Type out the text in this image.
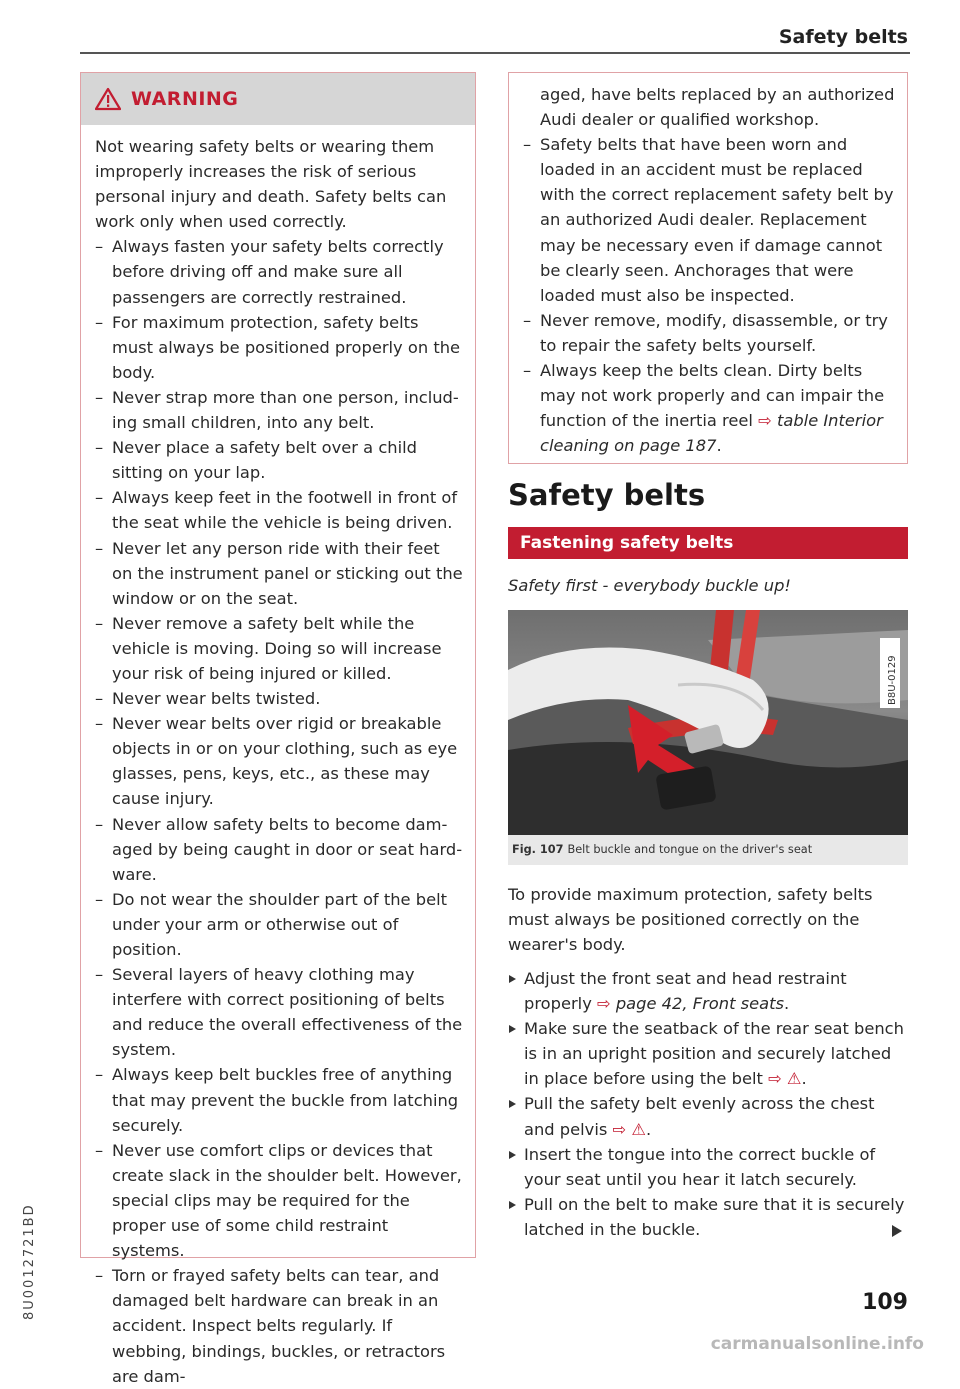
Safety belts
8U0012721BD
WARNING

Not wearing safety belts or wearing them improperly increases the risk of serious personal injury and death. Safety belts can work only when used correctly.

– Always fasten your safety belts correctly before driving off and make sure all passengers are correctly restrained.
– For maximum protection, safety belts must always be positioned properly on the body.
– Never strap more than one person, including small children, into any belt.
– Never place a safety belt over a child sitting on your lap.
– Always keep feet in the footwell in front of the seat while the vehicle is being driven.
– Never let any person ride with their feet on the instrument panel or sticking out the window or on the seat.
– Never remove a safety belt while the vehicle is moving. Doing so will increase your risk of being injured or killed.
– Never wear belts twisted.
– Never wear belts over rigid or breakable objects in or on your clothing, such as eye glasses, pens, keys, etc., as these may cause injury.
– Never allow safety belts to become damaged by being caught in door or seat hardware.
– Do not wear the shoulder part of the belt under your arm or otherwise out of position.
– Several layers of heavy clothing may interfere with correct positioning of belts and reduce the overall effectiveness of the system.
– Always keep belt buckles free of anything that may prevent the buckle from latching securely.
– Never use comfort clips or devices that create slack in the shoulder belt. However, special clips may be required for the proper use of some child restraint systems.
– Torn or frayed safety belts can tear, and damaged belt hardware can break in an accident. Inspect belts regularly. If webbing, bindings, buckles, or retractors are dam-
aged, have belts replaced by an authorized Audi dealer or qualified workshop.
– Safety belts that have been worn and loaded in an accident must be replaced with the correct replacement safety belt by an authorized Audi dealer. Replacement may be necessary even if damage cannot be clearly seen. Anchorages that were loaded must also be inspected.
– Never remove, modify, disassemble, or try to repair the safety belts yourself.
– Always keep the belts clean. Dirty belts may not work properly and can impair the function of the inertia reel ⇨ table Interior cleaning on page 187.
Safety belts
Fastening safety belts
Safety first - everybody buckle up!
B8U-0129
Fig. 107 Belt buckle and tongue on the driver's seat

To provide maximum protection, safety belts must always be positioned correctly on the wearer's body.

Adjust the front seat and head restraint properly ⇨ page 42, Front seats.
Make sure the seatback of the rear seat bench is in an upright position and securely latched in place before using the belt ⇨ ⚠.
Pull the safety belt evenly across the chest and pelvis ⇨ ⚠.
Insert the tongue into the correct buckle of your seat until you hear it latch securely.
Pull on the belt to make sure that it is securely latched in the buckle.
109
carmanualsonline.info
